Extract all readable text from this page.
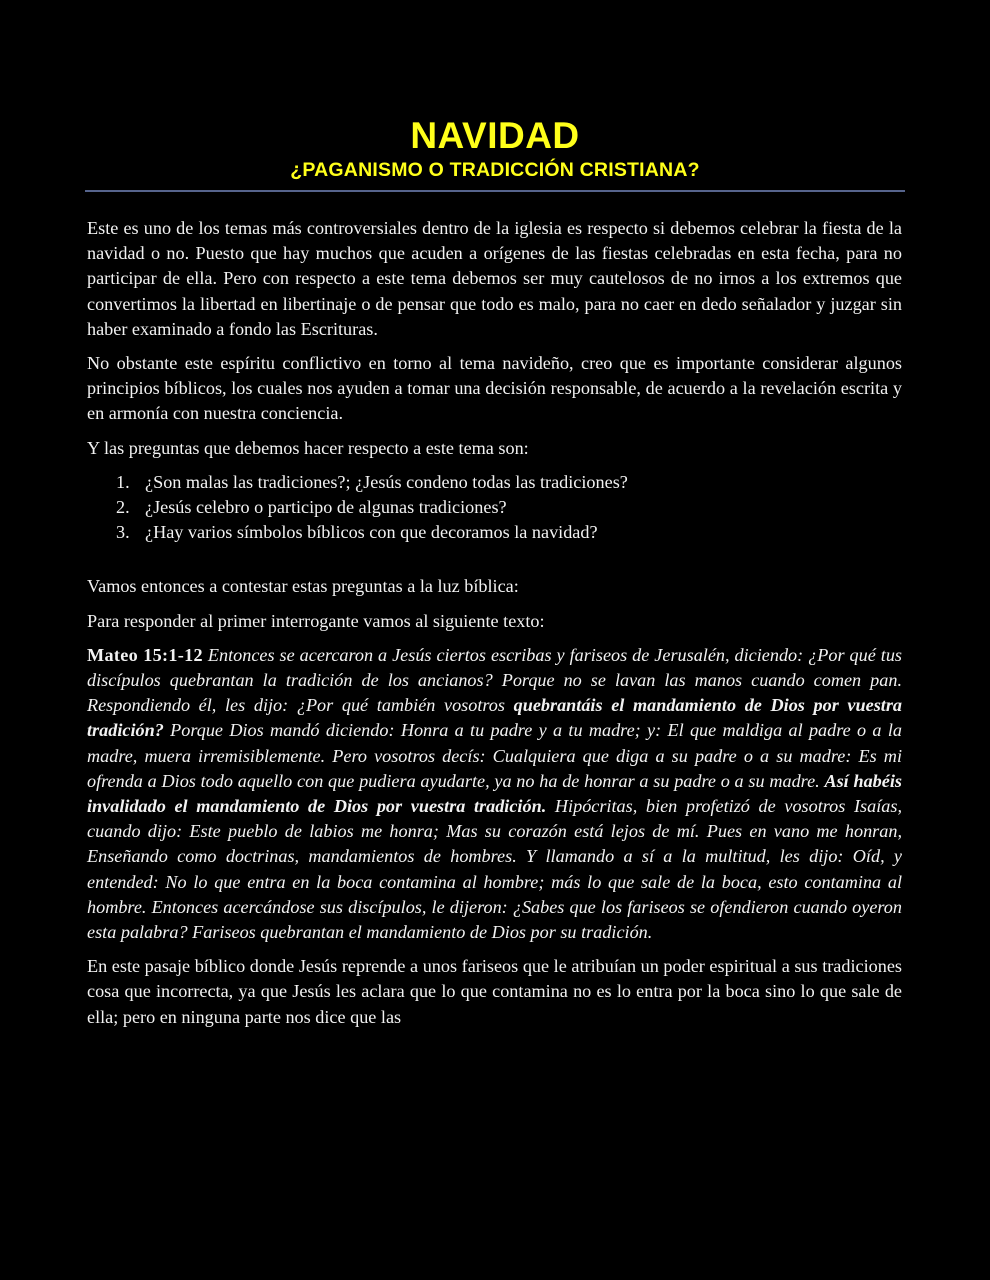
NAVIDAD
¿PAGANISMO O TRADICCIÓN CRISTIANA?

Este es uno de los temas más controversiales dentro de la iglesia es respecto si debemos celebrar la fiesta de la navidad o no. Puesto que hay muchos que acuden a orígenes de las fiestas celebradas en esta fecha, para no participar de ella. Pero con respecto a este tema debemos ser muy cautelosos de no irnos a los extremos que convertimos la libertad en libertinaje o de pensar que todo es malo, para no caer en dedo señalador y juzgar sin haber examinado a fondo las Escrituras.

No obstante este espíritu conflictivo en torno al tema navideño, creo que es importante considerar algunos principios bíblicos, los cuales nos ayuden a tomar una decisión responsable, de acuerdo a la revelación escrita y en armonía con nuestra conciencia.

Y las preguntas que debemos hacer respecto a este tema son:

1. ¿Son malas las tradiciones?; ¿Jesús condeno todas las tradiciones?
2. ¿Jesús celebro o participo de algunas tradiciones?
3. ¿Hay varios símbolos bíblicos con que decoramos la navidad?

Vamos entonces a contestar estas preguntas a la luz bíblica:

Para responder al primer interrogante vamos al siguiente texto:

Mateo 15:1-12 Entonces se acercaron a Jesús ciertos escribas y fariseos de Jerusalén, diciendo: ¿Por qué tus discípulos quebrantan la tradición de los ancianos? Porque no se lavan las manos cuando comen pan. Respondiendo él, les dijo: ¿Por qué también vosotros quebrantáis el mandamiento de Dios por vuestra tradición? Porque Dios mandó diciendo: Honra a tu padre y a tu madre; y: El que maldiga al padre o a la madre, muera irremisiblemente. Pero vosotros decís: Cualquiera que diga a su padre o a su madre: Es mi ofrenda a Dios todo aquello con que pudiera ayudarte, ya no ha de honrar a su padre o a su madre. Así habéis invalidado el mandamiento de Dios por vuestra tradición. Hipócritas, bien profetizó de vosotros Isaías, cuando dijo: Este pueblo de labios me honra; Mas su corazón está lejos de mí. Pues en vano me honran, Enseñando como doctrinas, mandamientos de hombres. Y llamando a sí a la multitud, les dijo: Oíd, y entended: No lo que entra en la boca contamina al hombre; más lo que sale de la boca, esto contamina al hombre. Entonces acercándose sus discípulos, le dijeron: ¿Sabes que los fariseos se ofendieron cuando oyeron esta palabra? Fariseos quebrantan el mandamiento de Dios por su tradición.

En este pasaje bíblico donde Jesús reprende a unos fariseos que le atribuían un poder espiritual a sus tradiciones cosa que incorrecta, ya que Jesús les aclara que lo que contamina no es lo entra por la boca sino lo que sale de ella; pero en ninguna parte nos dice que las
